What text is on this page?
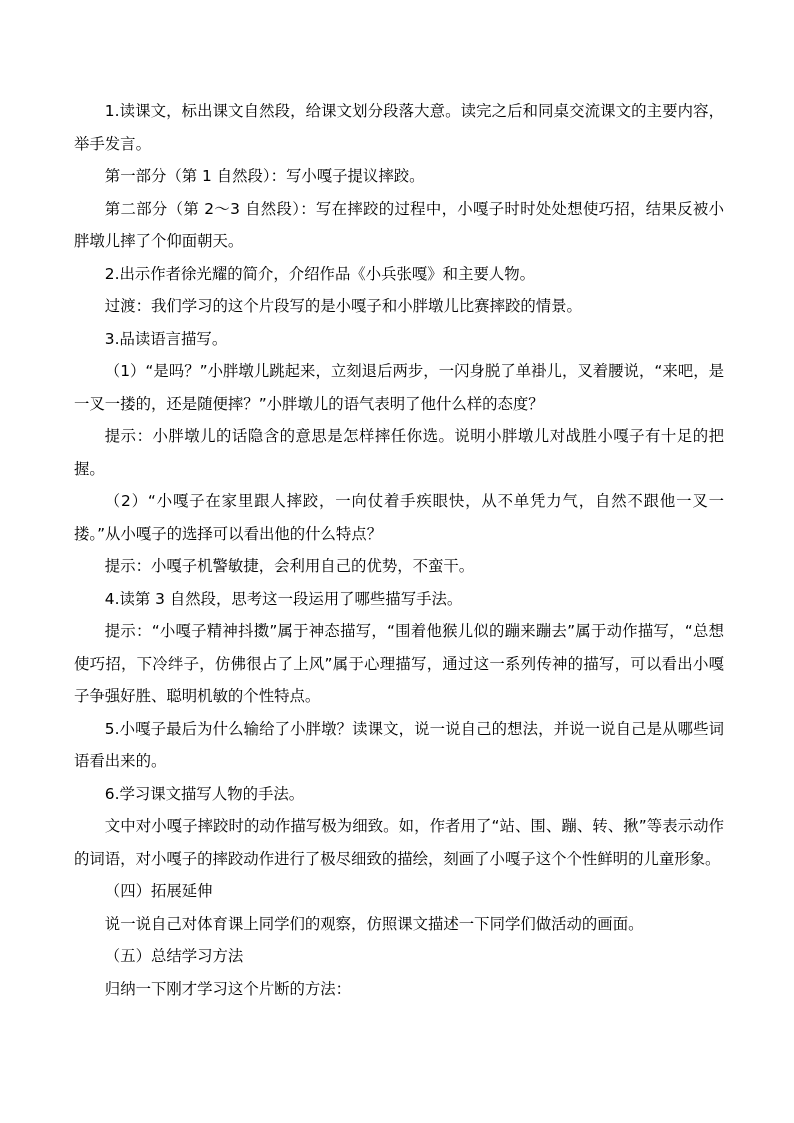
1.读课文，标出课文自然段，给课文划分段落大意。读完之后和同桌交流课文的主要内容，举手发言。

第一部分（第 1 自然段）：写小嘎子提议摔跤。

第二部分（第 2～3 自然段）：写在摔跤的过程中，小嘎子时时处处想使巧招，结果反被小胖墩儿摔了个仰面朝天。

2.出示作者徐光耀的简介，介绍作品《小兵张嘎》和主要人物。

过渡：我们学习的这个片段写的是小嘎子和小胖墩儿比赛摔跤的情景。

3.品读语言描写。

（1）“是吗？”小胖墩儿跳起来，立刻退后两步，一闪身脱了单褂儿，叉着腰说，“来吧，是一叉一搂的，还是随便摔？”小胖墩儿的语气表明了他什么样的态度？

提示：小胖墩儿的话隐含的意思是怎样摔任你选。说明小胖墩儿对战胜小嘎子有十足的把握。

（2）“小嘎子在家里跟人摔跤，一向仗着手疾眼快，从不单凭力气，自然不跟他一叉一搂。”从小嘎子的选择可以看出他的什么特点？

提示：小嘎子机警敏捷，会利用自己的优势，不蛮干。

4.读第 3 自然段，思考这一段运用了哪些描写手法。

提示：“小嘎子精神抖擞”属于神态描写，“围着他猴儿似的蹦来蹦去”属于动作描写，“总想使巧招，下冷绊子，仿佛很占了上风”属于心理描写，通过这一系列传神的描写，可以看出小嘎子争强好胜、聪明机敏的个性特点。

5.小嘎子最后为什么输给了小胖墩？读课文，说一说自己的想法，并说一说自己是从哪些词语看出来的。

6.学习课文描写人物的手法。

文中对小嘎子摔跤时的动作描写极为细致。如，作者用了“站、围、蹦、转、揪”等表示动作的词语，对小嘎子的摔跤动作进行了极尽细致的描绘，刻画了小嘎子这个个性鲜明的儿童形象。

（四）拓展延伸

说一说自己对体育课上同学们的观察，仿照课文描述一下同学们做活动的画面。

（五）总结学习方法

归纳一下刚才学习这个片断的方法：
